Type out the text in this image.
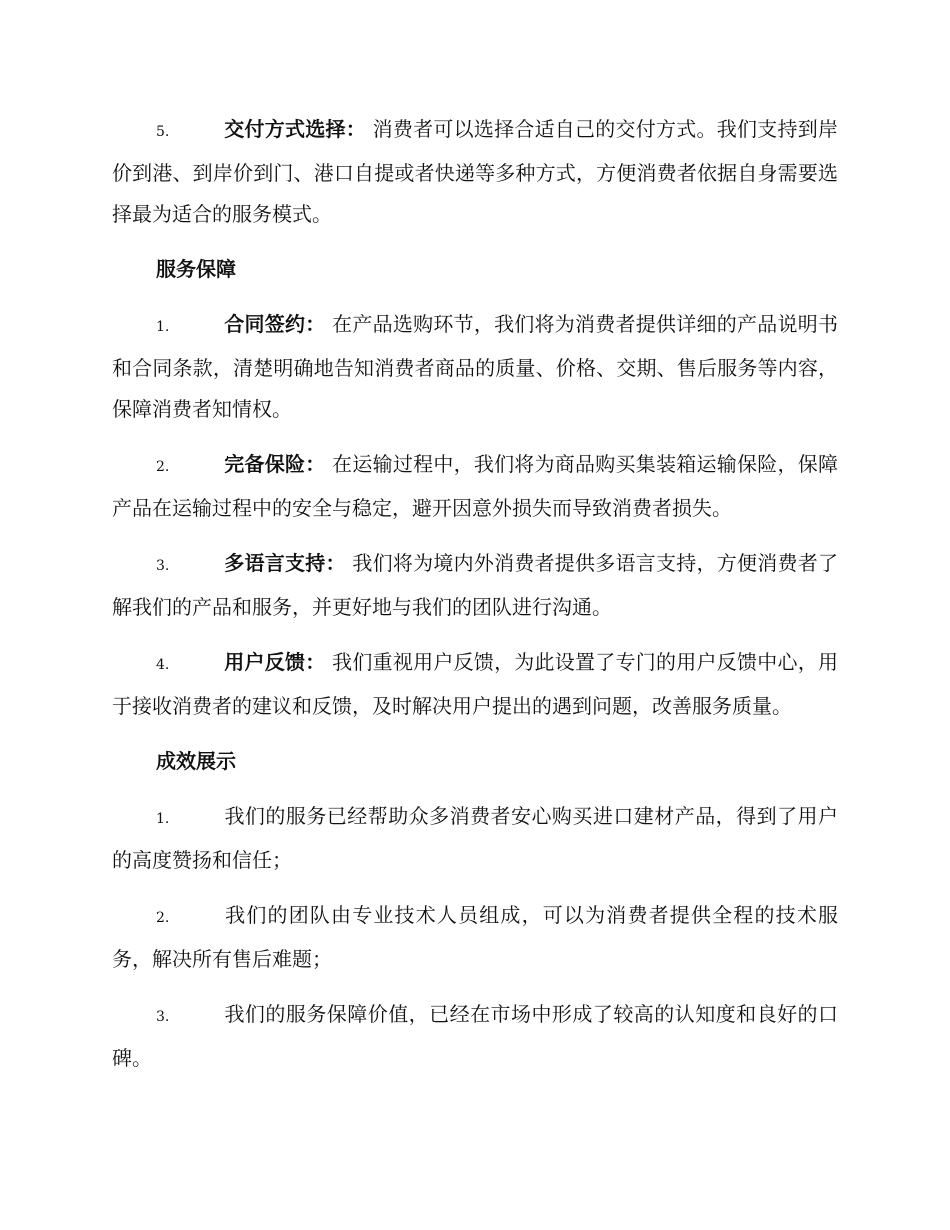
5.	交付方式选择： 消费者可以选择合适自己的交付方式。我们支持到岸价到港、到岸价到门、港口自提或者快递等多种方式，方便消费者依据自身需要选择最为适合的服务模式。

服务保障

1.	合同签约： 在产品选购环节，我们将为消费者提供详细的产品说明书和合同条款，清楚明确地告知消费者商品的质量、价格、交期、售后服务等内容，保障消费者知情权。

2.	完备保险： 在运输过程中，我们将为商品购买集装箱运输保险，保障产品在运输过程中的安全与稳定，避开因意外损失而导致消费者损失。

3.	多语言支持： 我们将为境内外消费者提供多语言支持，方便消费者了解我们的产品和服务，并更好地与我们的团队进行沟通。

4.	用户反馈： 我们重视用户反馈，为此设置了专门的用户反馈中心，用于接收消费者的建议和反馈，及时解决用户提出的遇到问题，改善服务质量。

成效展示

1.	我们的服务已经帮助众多消费者安心购买进口建材产品，得到了用户的高度赞扬和信任；

2.	我们的团队由专业技术人员组成，可以为消费者提供全程的技术服务，解决所有售后难题；

3.	我们的服务保障价值，已经在市场中形成了较高的认知度和良好的口碑。
